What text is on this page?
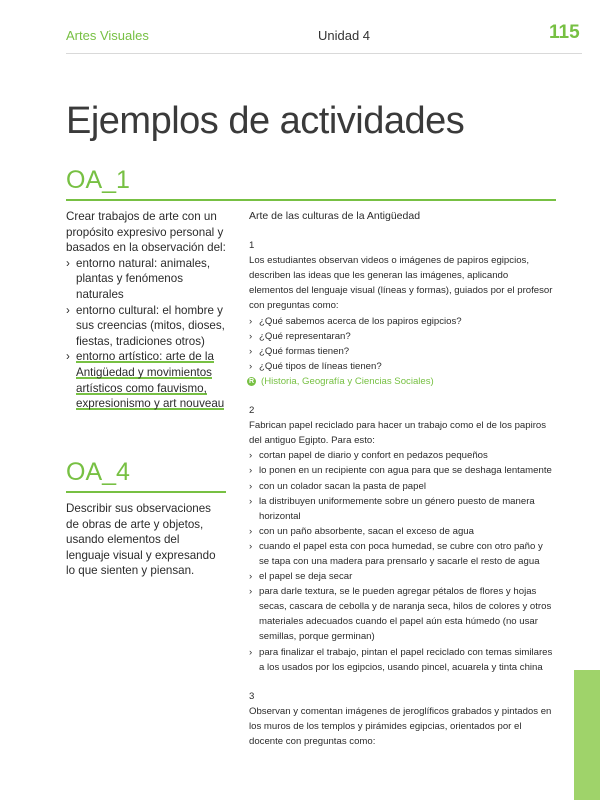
Artes Visuales	Unidad 4	115
Ejemplos de actividades
OA_1

Crear trabajos de arte con un propósito expresivo personal y basados en la observación del:

› entorno natural: animales, plantas y fenómenos naturales
› entorno cultural: el hombre y sus creencias (mitos, dioses, fiestas, tradiciones otros)
› entorno artístico: arte de la Antigüedad y movimientos artísticos como fauvismo, expresionismo y art nouveau
OA_4

Describir sus observaciones de obras de arte y objetos, usando elementos del lenguaje visual y expresando lo que sienten y piensan.

Arte de las culturas de la Antigüedad

1

Los estudiantes observan videos o imágenes de papiros egipcios, describen las ideas que les generan las imágenes, aplicando elementos del lenguaje visual (líneas y formas), guiados por el profesor con preguntas como:

› ¿Qué sabemos acerca de los papiros egipcios?
› ¿Qué representaran?
› ¿Qué formas tienen?
› ¿Qué tipos de líneas tienen?

R (Historia, Geografía y Ciencias Sociales)

2

Fabrican papel reciclado para hacer un trabajo como el de los papiros del antiguo Egipto. Para esto:

› cortan papel de diario y confort en pedazos pequeños
› lo ponen en un recipiente con agua para que se deshaga lentamente
› con un colador sacan la pasta de papel
› la distribuyen uniformemente sobre un género puesto de manera horizontal
› con un paño absorbente, sacan el exceso de agua
› cuando el papel esta con poca humedad, se cubre con otro paño y se tapa con una madera para prensarlo y sacarle el resto de agua
› el papel se deja secar
› para darle textura, se le pueden agregar pétalos de flores y hojas secas, cascara de cebolla y de naranja seca, hilos de colores y otros materiales adecuados cuando el papel aún esta húmedo (no usar semillas, porque germinan)
› para finalizar el trabajo, pintan el papel reciclado con temas similares a los usados por los egipcios, usando pincel, acuarela y tinta china

3

Observan y comentan imágenes de jeroglíficos grabados y pintados en los muros de los templos y pirámides egipcias, orientados por el docente con preguntas como:
